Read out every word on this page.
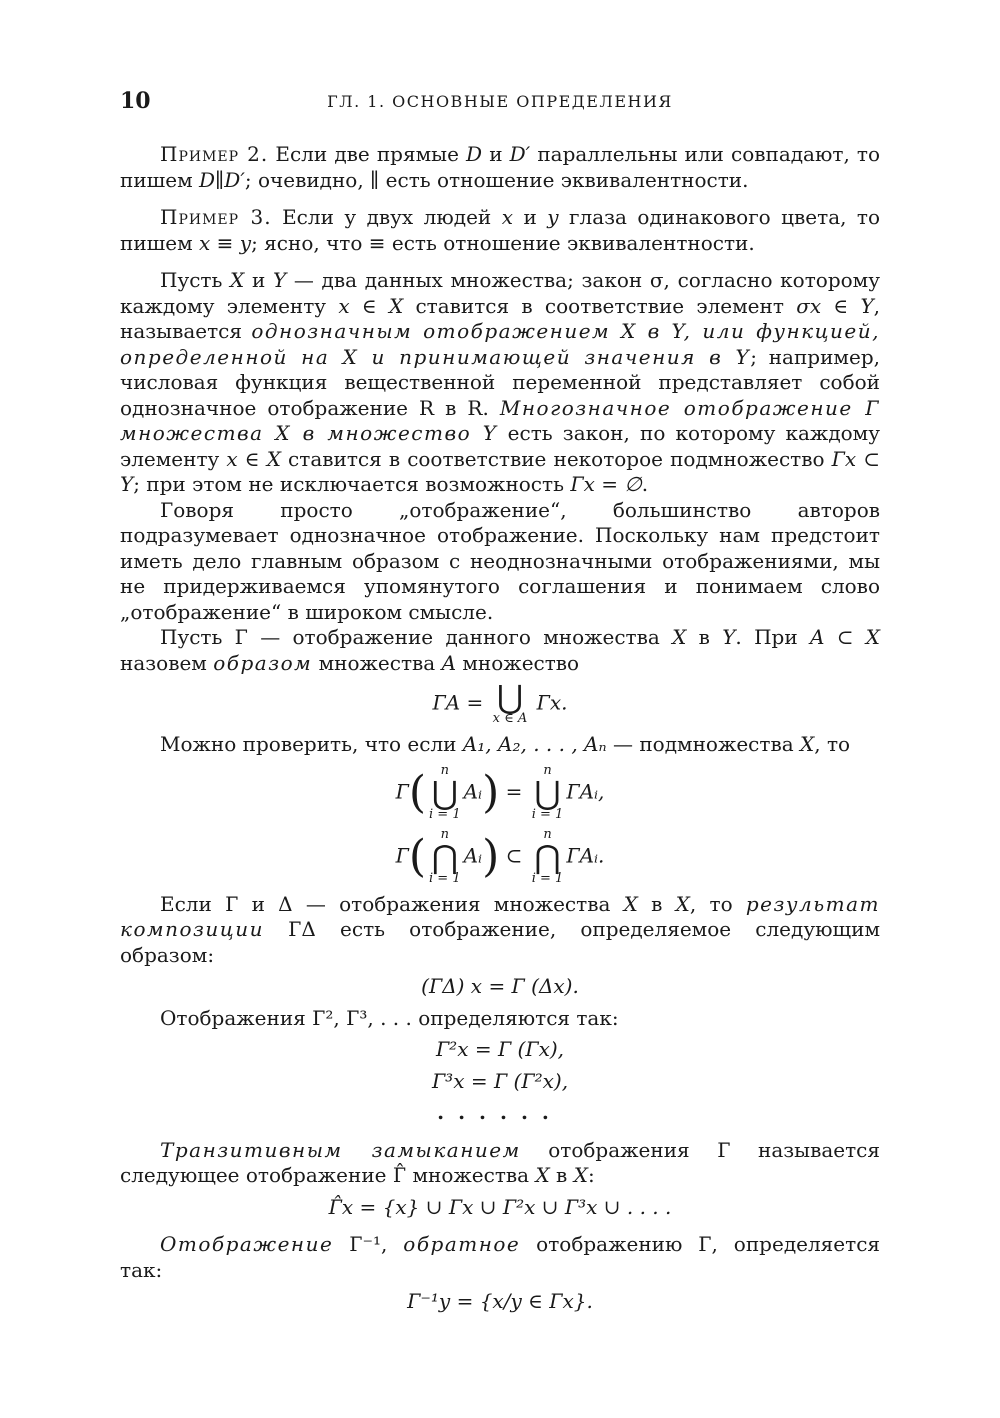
10	ГЛ. 1. ОСНОВНЫЕ ОПРЕДЕЛЕНИЯ

Пример 2. Если две прямые D и D′ параллельны или совпадают, то пишем D∥D′; очевидно, ∥ есть отношение эквивалентности.

Пример 3. Если у двух людей x и y глаза одинакового цвета, то пишем x ≡ y; ясно, что ≡ есть отношение эквивалентности.

Пусть X и Y — два данных множества; закон σ, согласно которому каждому элементу x ∈ X ставится в соответствие элемент σx ∈ Y, называется однозначным отображением X в Y, или функцией, определенной на X и принимающей значения в Y; например, числовая функция вещественной переменной представляет собой однозначное отображение R в R. Многозначное отображение Г множества X в множество Y есть закон, по которому каждому элементу x ∈ X ставится в соответствие некоторое подмножество Гx ⊂ Y; при этом не исключается возможность Гx = ∅.

Говоря просто „отображение“, большинство авторов подразумевает однозначное отображение. Поскольку нам предстоит иметь дело главным образом с неоднозначными отображениями, мы не придерживаемся упомянутого соглашения и понимаем слово „отображение“ в широком смысле.

Пусть Г — отображение данного множества X в Y. При A ⊂ X назовем образом множества A множество

ГA = ⋃
x ∈ A
Гx.

Можно проверить, что если A₁, A₂, . . . , Aₙ — подмножества X, то

Г(	n
⋃
i = 1
Aᵢ) =
n
⋃
i = 1
ГAᵢ,
Г(	n
⋂
i = 1
Aᵢ) ⊂
n
⋂
i = 1
ГAᵢ.

Если Г и Δ — отображения множества X в X, то результат композиции ГΔ есть отображение, определяемое следующим образом:

(ГΔ) x = Г (Δx).

Отображения Г², Г³, . . . определяются так:

Г²x = Г (Гx),
Г³x = Г (Г²x),
......

Транзитивным замыканием отображения Г называется следующее отображение Г̂ множества X в X:

Г̂x = {x} ∪ Гx ∪ Г²x ∪ Г³x ∪ . . . .

Отображение Г⁻¹, обратное отображению Г, определяется так:

Г⁻¹y = {x/y ∈ Гx}.
